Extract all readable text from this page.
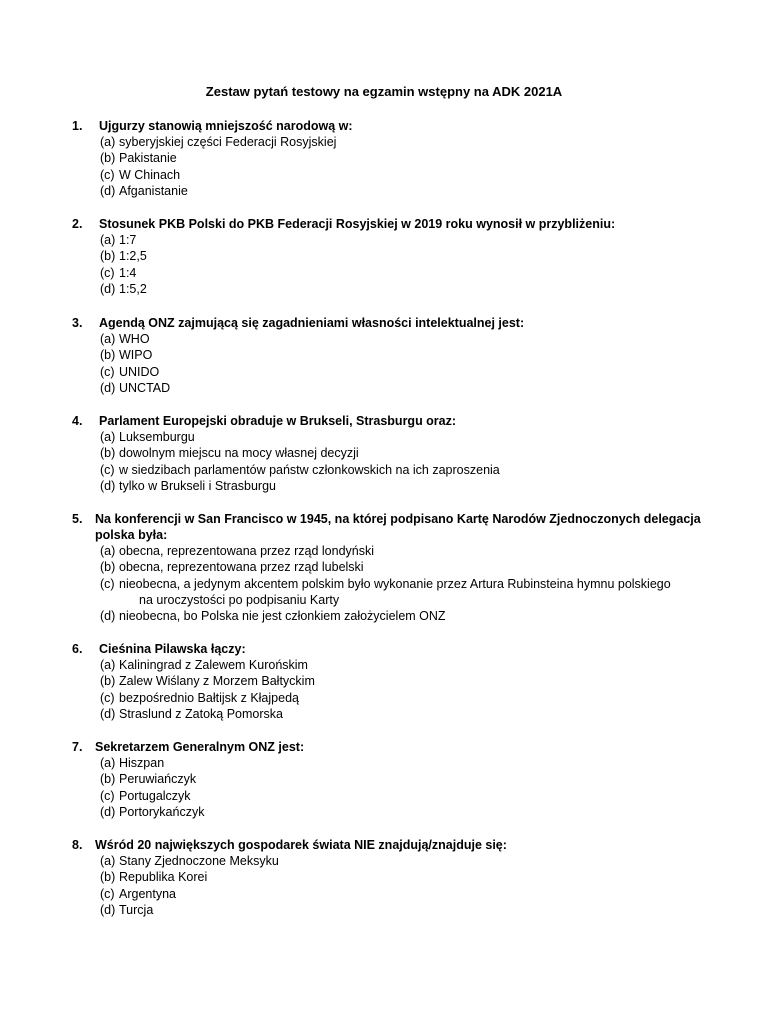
Zestaw pytań testowy na egzamin wstępny na ADK 2021A
1.	Ujgurzy stanowią mniejszość narodową w:
(a) syberyjskiej części Federacji Rosyjskiej
(b) Pakistanie
(c) W Chinach
(d) Afganistanie
2.	Stosunek PKB Polski do PKB Federacji Rosyjskiej w 2019 roku wynosił w przybliżeniu:
(a) 1:7
(b) 1:2,5
(c) 1:4
(d) 1:5,2
3.	Agendą ONZ zajmującą się zagadnieniami własności intelektualnej jest:
(a) WHO
(b) WIPO
(c) UNIDO
(d) UNCTAD
4.	Parlament Europejski obraduje w Brukseli, Strasburgu oraz:
(a) Luksemburgu
(b) dowolnym miejscu na mocy własnej decyzji
(c) w siedzibach parlamentów państw członkowskich na ich zaproszenia
(d) tylko w Brukseli i Strasburgu
5.	Na konferencji w San Francisco w 1945, na której podpisano Kartę Narodów Zjednoczonych delegacja
polska była:
(a) obecna, reprezentowana przez rząd londyński
(b) obecna, reprezentowana przez rząd lubelski
(c) nieobecna, a jedynym akcentem polskim było wykonanie przez Artura Rubinsteina hymnu polskiego
na uroczystości po podpisaniu Karty
(d) nieobecna, bo Polska nie jest członkiem założycielem ONZ
6.	Cieśnina Pilawska łączy:
(a) Kaliningrad z Zalewem Kurońskim
(b) Zalew Wiślany z Morzem Bałtyckim
(c) bezpośrednio Bałtijsk z Kłajpedą
(d) Straslund z Zatoką Pomorska
7.	Sekretarzem Generalnym ONZ jest:
(a) Hiszpan
(b) Peruwiańczyk
(c) Portugalczyk
(d) Portorykańczyk
8.	Wśród 20 największych gospodarek świata NIE znajdują/znajduje się:
(a) Stany Zjednoczone Meksyku
(b) Republika Korei
(c) Argentyna
(d) Turcja
